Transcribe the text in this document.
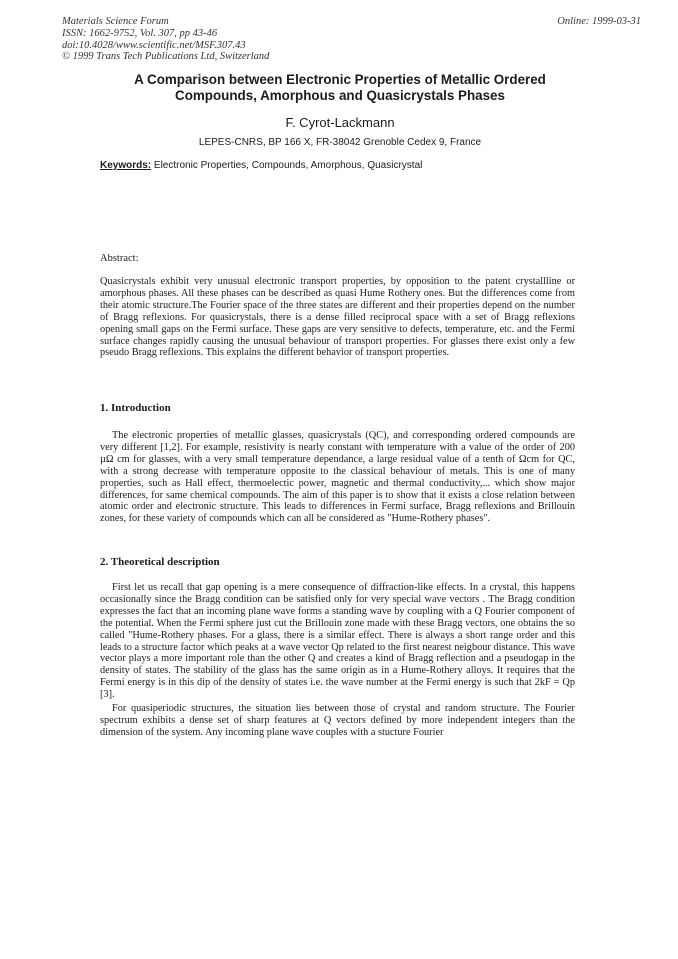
Materials Science Forum
ISSN: 1662-9752, Vol. 307, pp 43-46
doi:10.4028/www.scientific.net/MSF.307.43
© 1999 Trans Tech Publications Ltd, Switzerland
Online: 1999-03-31
A Comparison between Electronic Properties of Metallic Ordered
Compounds, Amorphous and Quasicrystals Phases
F. Cyrot-Lackmann
LEPES-CNRS, BP 166 X, FR-38042 Grenoble Cedex 9, France
Keywords: Electronic Properties, Compounds, Amorphous, Quasicrystal
Abstract:

Quasicrystals exhibit very unusual electronic transport properties, by opposition to the patent crystallline or amorphous phases. All these phases can be described as quasi Hume Rothery ones. But the differences come from their atomic structure.The Fourier space of the three states are different and their properties depend on the number of Bragg reflexions. For quasicrystals, there is a dense filled reciprocal space with a set of Bragg reflexions opening small gaps on the Fermi surface. These gaps are very sensitive to defects, temperature, etc. and the Fermi surface changes rapidly causing the unusual behaviour of transport properties. For glasses there exist only a few pseudo Bragg reflexions. This explains the different behavior of transport properties.

1. Introduction

The electronic properties of metallic glasses, quasicrystals (QC), and corresponding ordered compounds are very different [1,2]. For example, resistivity is nearly constant with temperature with a value of the order of 200 µΩ cm for glasses, with a very small temperature dependance, a large residual value of a tenth of Ωcm for QC, with a strong decrease with temperature opposite to the classical behaviour of metals. This is one of many properties, such as Hall effect, thermoelectic power, magnetic and thermal conductivity,... which show major differences, for same chemical compounds. The aim of this paper is to show that it exists a close relation between atomic order and electronic structure. This leads to differences in Fermi surface, Bragg reflexions and Brillouin zones, for these variety of compounds which can all be considered as "Hume-Rothery phases".

2. Theoretical description

First let us recall that gap opening is a mere consequence of diffraction-like effects. In a crystal, this happens occasionally since the Bragg condition can be satisfied only for very special wave vectors . The Bragg condition expresses the fact that an incoming plane wave forms a standing wave by coupling with a Q Fourier component of the potential. When the Fermi sphere just cut the Brillouin zone made with these Bragg vectors, one obtains the so called "Hume-Rothery phases. For a glass, there is a similar effect. There is always a short range order and this leads to a structure factor which peaks at a wave vector Qp related to the first nearest neigbour distance. This wave vector plays a more important role than the other Q and creates a kind of Bragg reflection and a pseudogap in the density of states. The stability of the glass has the same origin as in a Hume-Rothery alloys. It requires that the Fermi energy is in this dip of the density of states i.e. the wave number at the Fermi energy is such that 2kF = Qp [3].

For quasiperiodic structures, the situation lies between those of crystal and random structure. The Fourier spectrum exhibits a dense set of sharp features at Q vectors defined by more independent integers than the dimension of the system. Any incoming plane wave couples with a stucture Fourier
